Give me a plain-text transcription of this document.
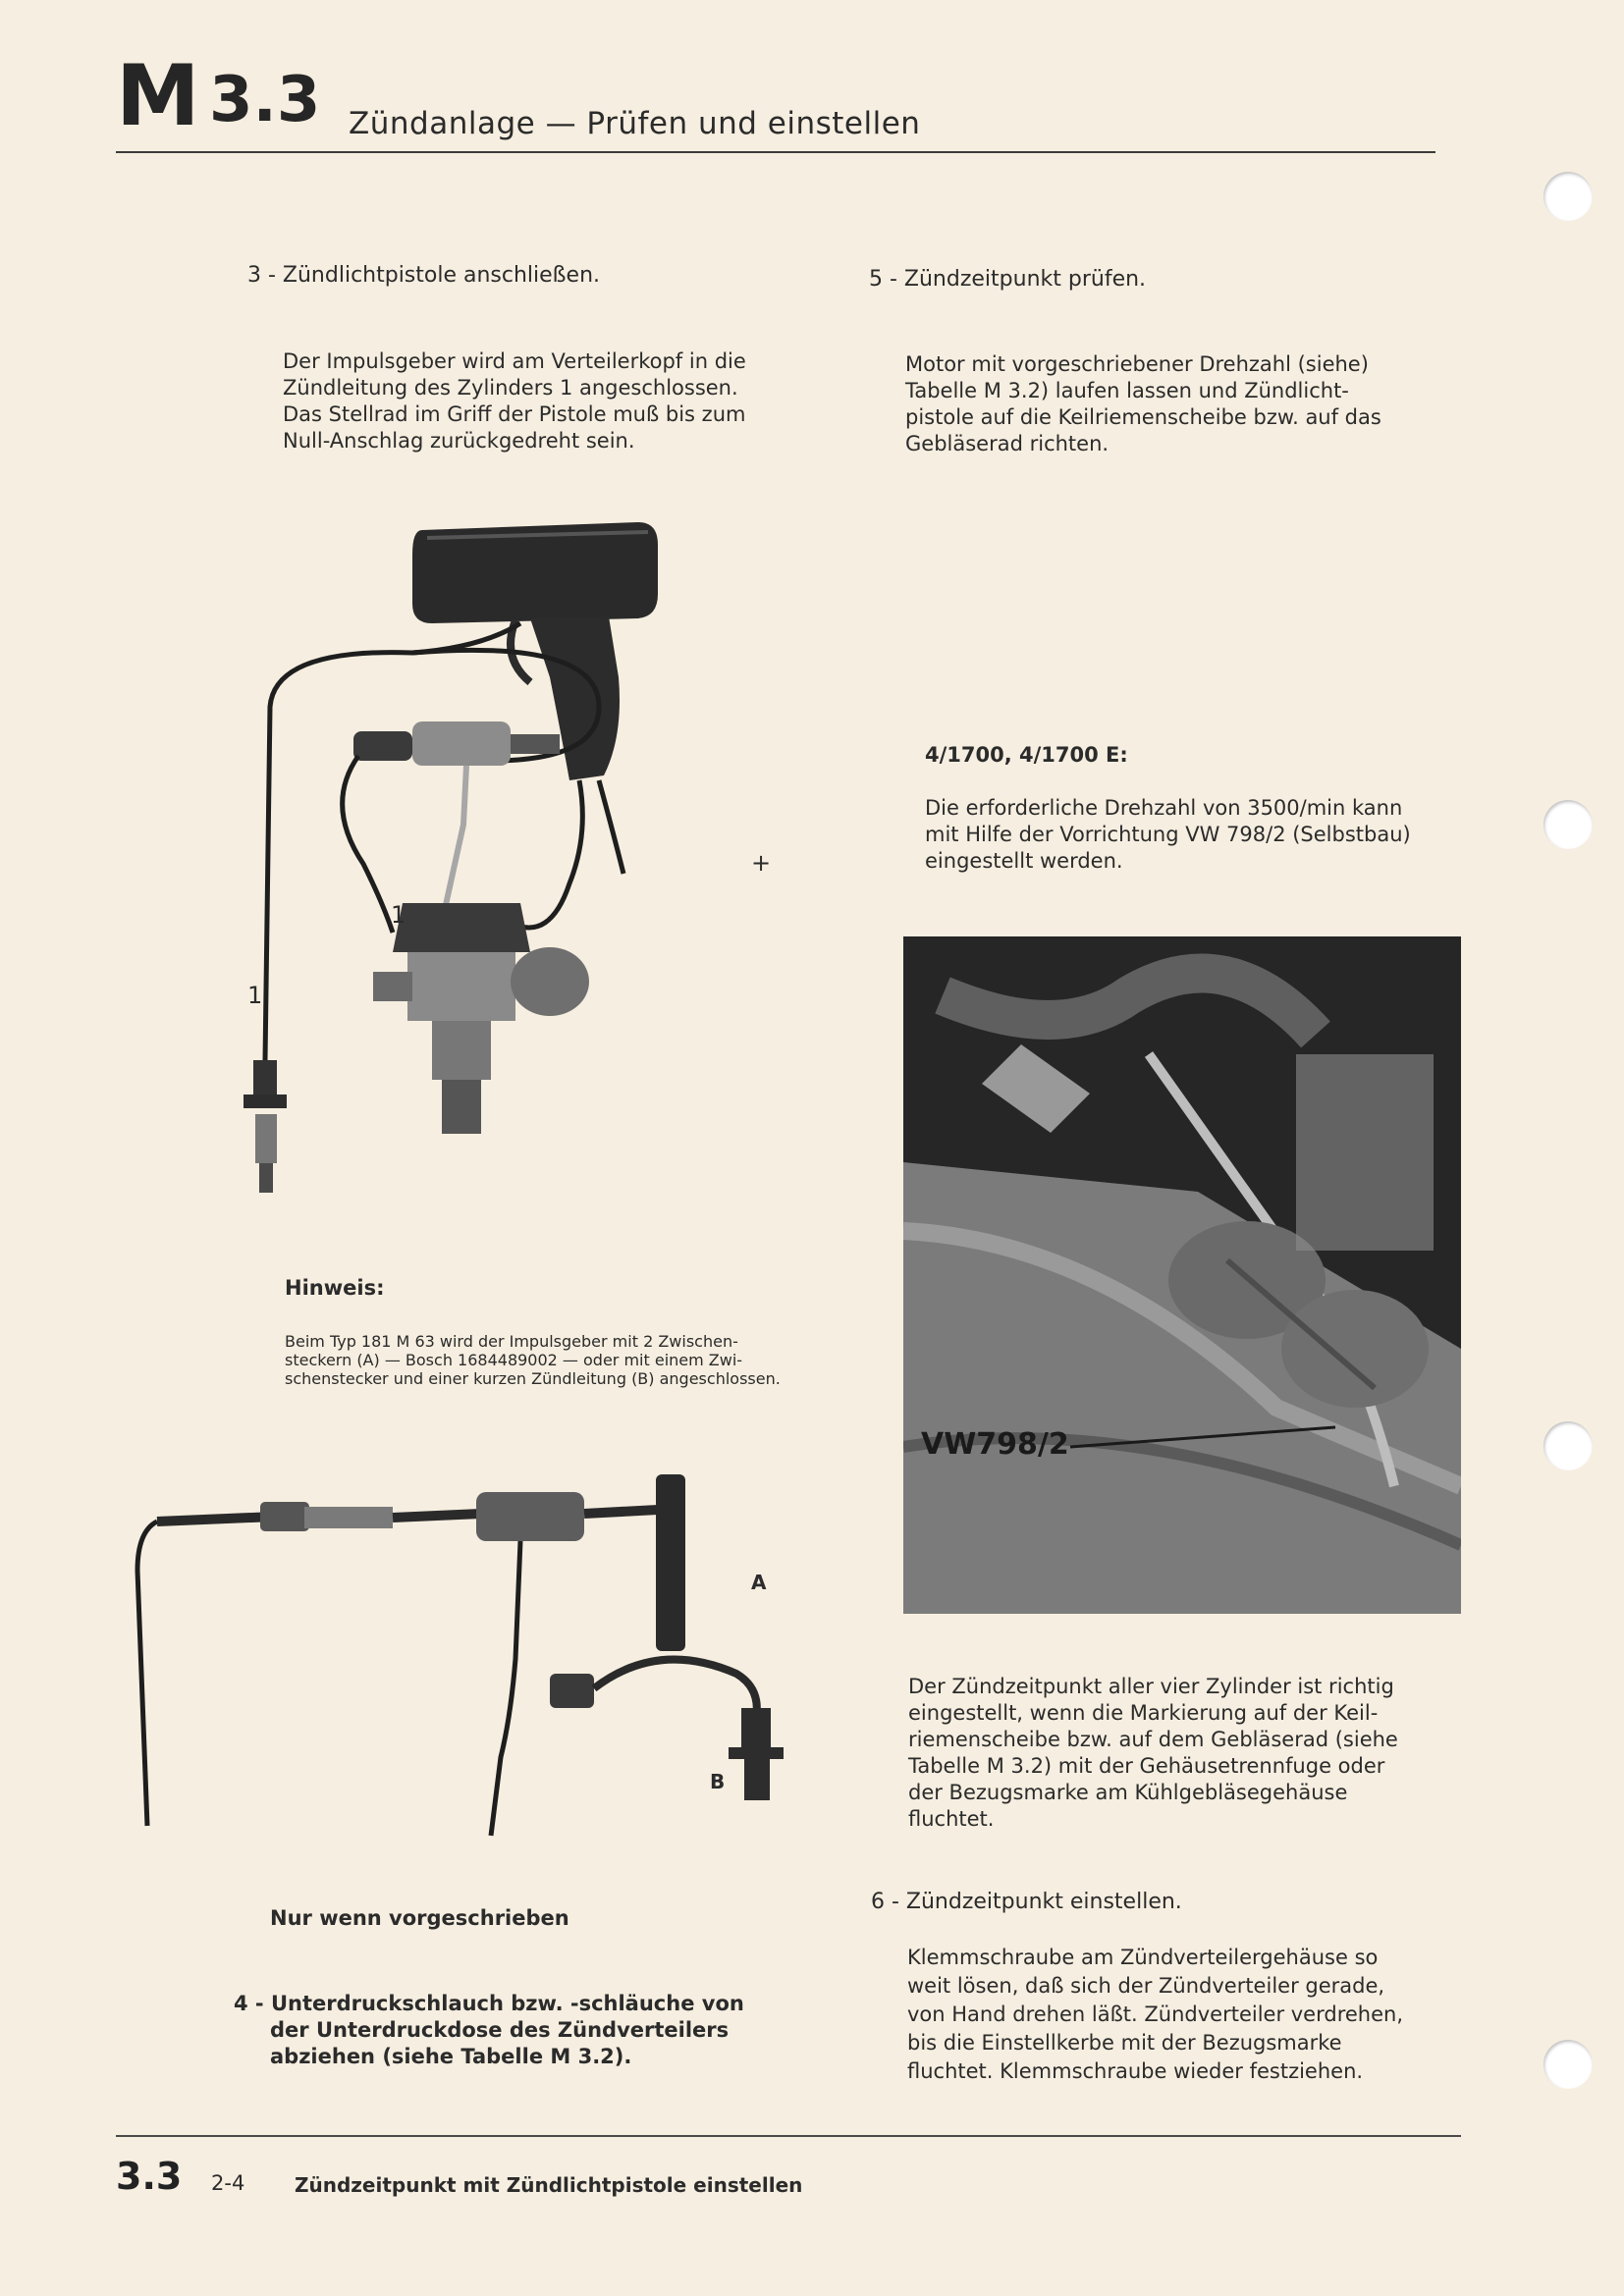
M 3.3 Zündanlage — Prüfen und einstellen
3 - Zündlichtpistole anschließen.
Der Impulsgeber wird am Verteilerkopf in die
Zündleitung des Zylinders 1 angeschlossen.
Das Stellrad im Griff der Pistole muß bis zum
Null-Anschlag zurückgedreht sein.
1
1
+
Hinweis:
Beim Typ 181 M 63 wird der Impulsgeber mit 2 Zwischen-
steckern (A) — Bosch 1684489002 — oder mit einem Zwi-
schenstecker und einer kurzen Zündleitung (B) angeschlossen.
A
B
Nur wenn vorgeschrieben
4 - Unterdruckschlauch bzw. -schläuche von
der Unterdruckdose des Zündverteilers
abziehen (siehe Tabelle M 3.2).
5 - Zündzeitpunkt prüfen.
Motor mit vorgeschriebener Drehzahl (siehe)
Tabelle M 3.2) laufen lassen und Zündlicht-
pistole auf die Keilriemenscheibe bzw. auf das
Gebläserad richten.
4/1700, 4/1700 E:
Die erforderliche Drehzahl von 3500/min kann
mit Hilfe der Vorrichtung VW 798/2 (Selbstbau)
eingestellt werden.
VW798/2
Der Zündzeitpunkt aller vier Zylinder ist richtig
eingestellt, wenn die Markierung auf der Keil-
riemenscheibe bzw. auf dem Gebläserad (siehe
Tabelle M 3.2) mit der Gehäusetrennfuge oder
der Bezugsmarke am Kühlgebläsegehäuse
fluchtet.
6 - Zündzeitpunkt einstellen.
Klemmschraube am Zündverteilergehäuse so
weit lösen, daß sich der Zündverteiler gerade,
von Hand drehen läßt. Zündverteiler verdrehen,
bis die Einstellkerbe mit der Bezugsmarke
fluchtet. Klemmschraube wieder festziehen.
3.3 2-4	Zündzeitpunkt mit Zündlichtpistole einstellen
